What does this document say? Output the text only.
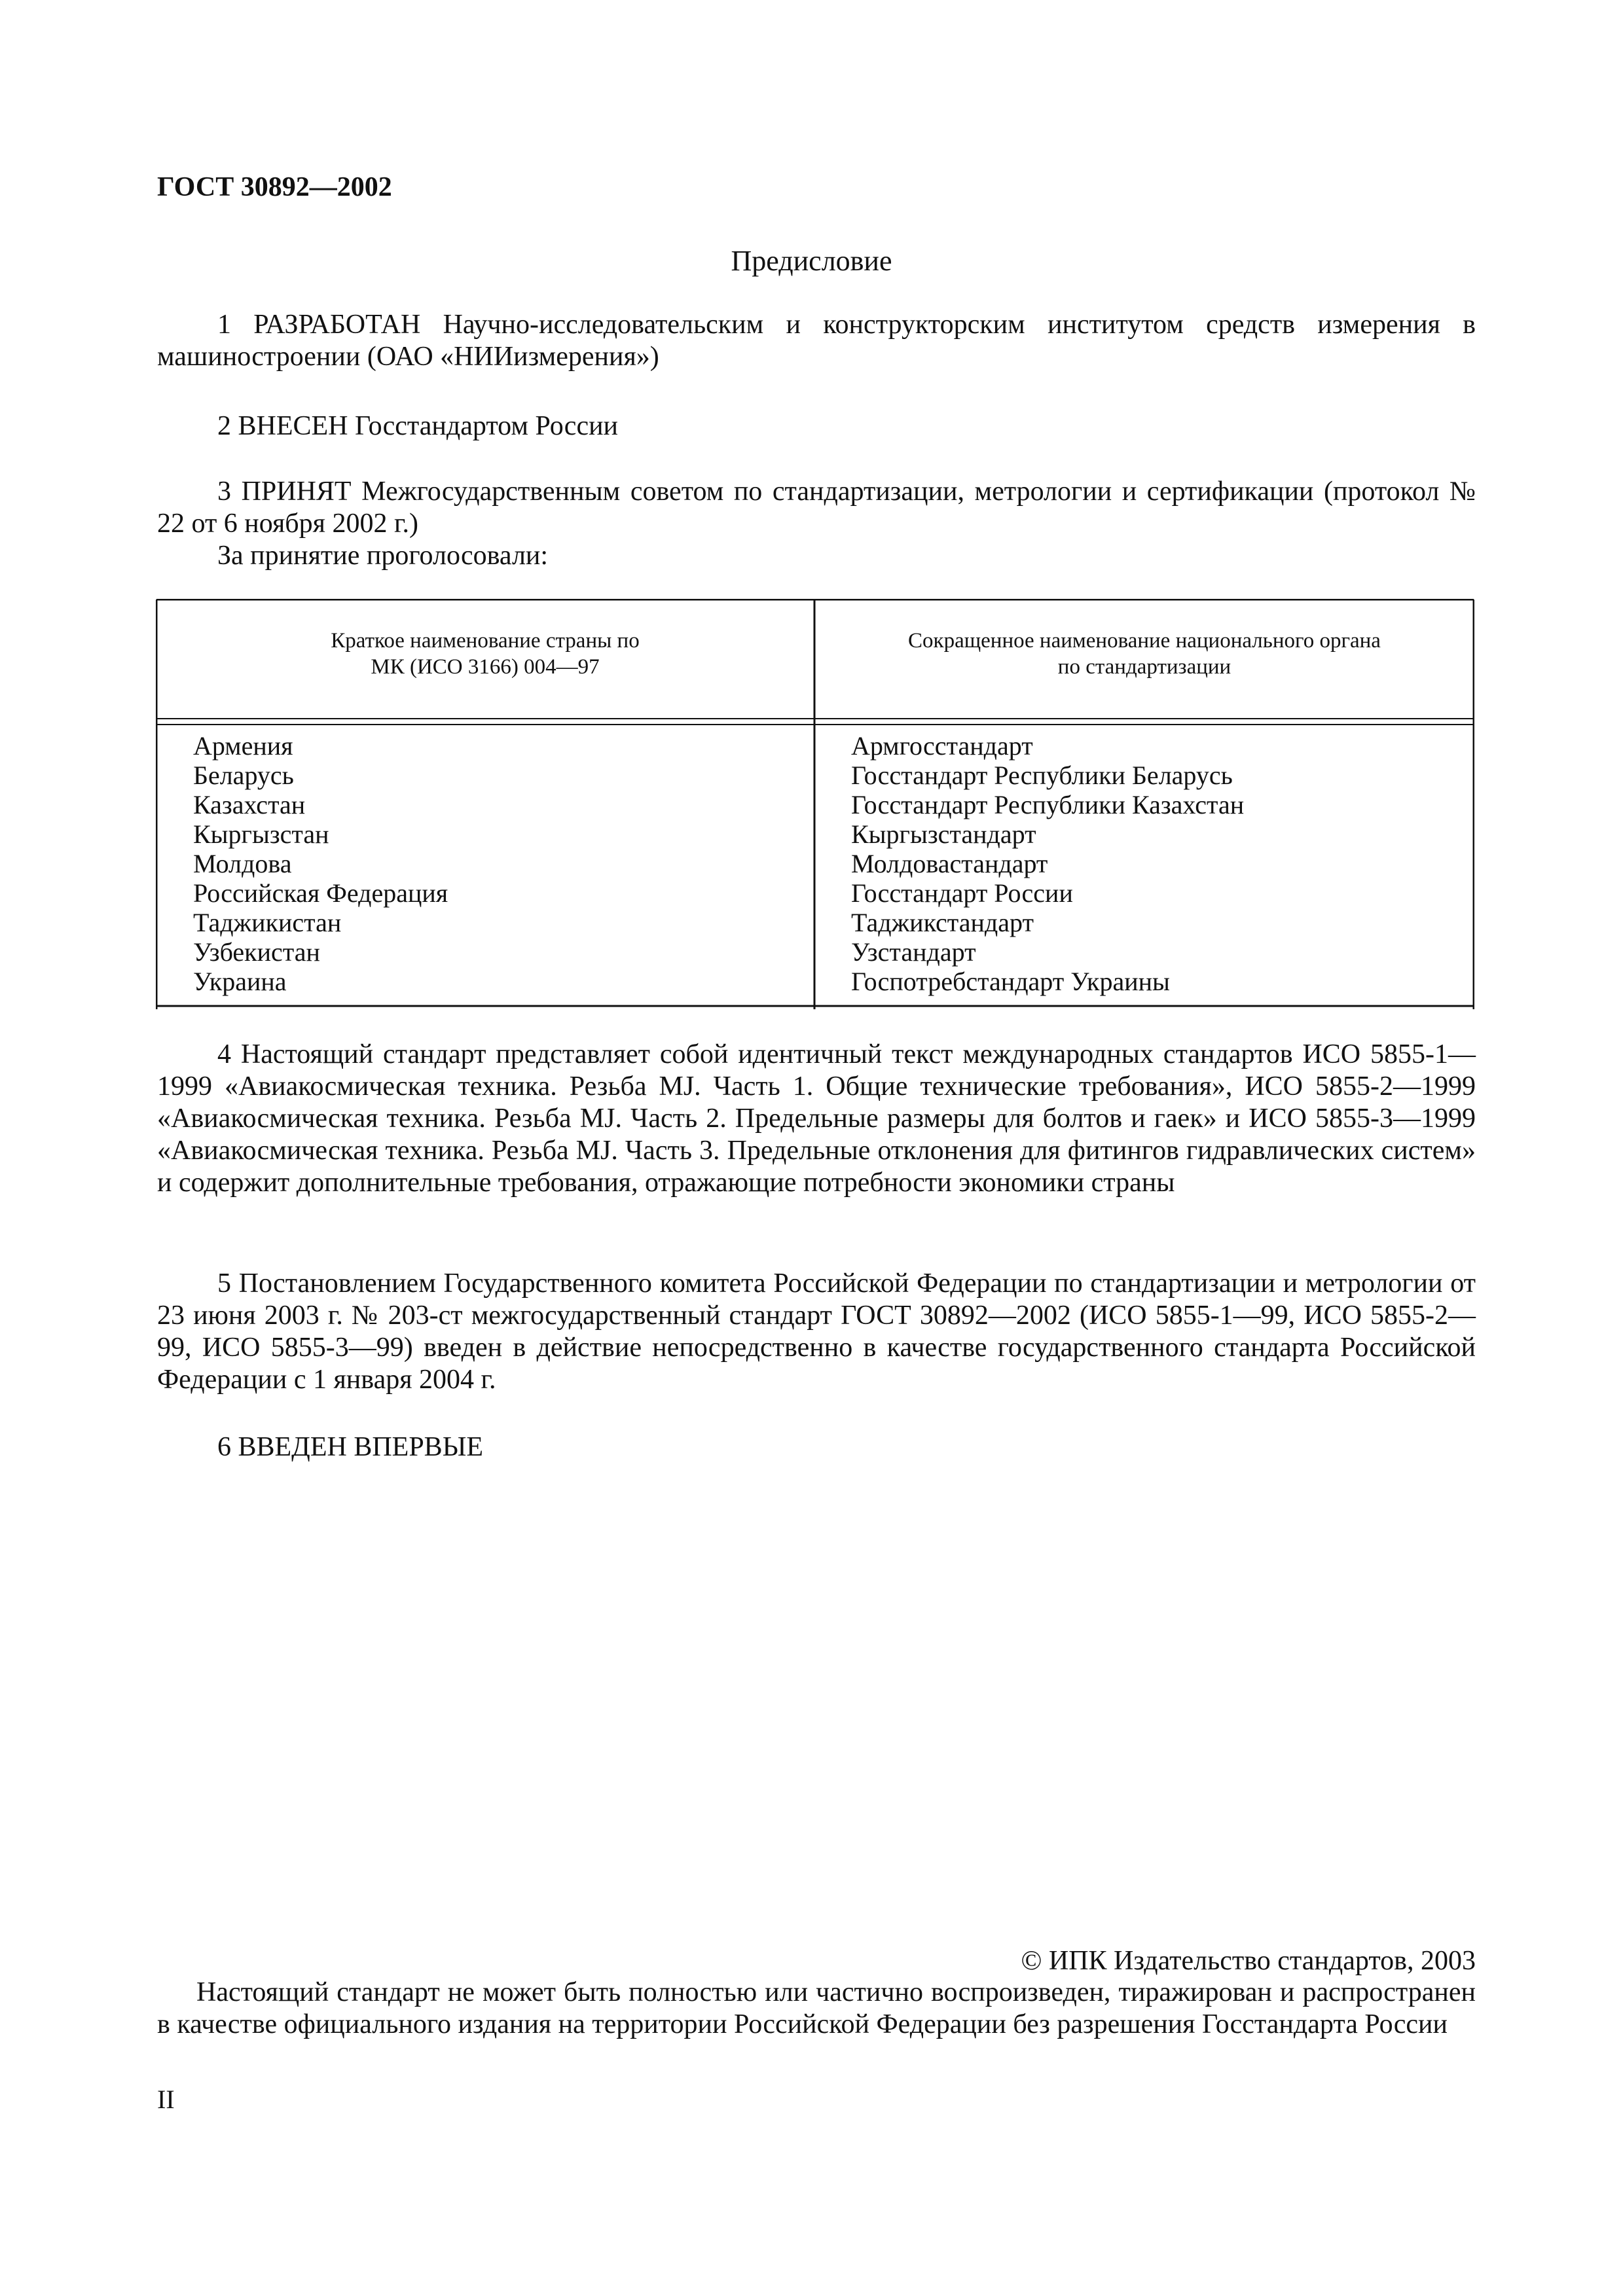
ГОСТ 30892—2002
Предисловие

1 РАЗРАБОТАН Научно-исследовательским и конструкторским институтом средств измерения в машиностроении (ОАО «НИИизмерения»)

2 ВНЕСЕН Госстандартом России

3 ПРИНЯТ Межгосударственным советом по стандартизации, метрологии и сертификации (протокол № 22 от 6 ноября 2002 г.)

За принятие проголосовали:
Краткое наименование страны по
МК (ИСО 3166) 004—97
Сокращенное наименование национального органа
по стандартизации
Армения
Беларусь
Казахстан
Кыргызстан
Молдова
Российская Федерация
Таджикистан
Узбекистан
Украина
Армгосстандарт
Госстандарт Республики Беларусь
Госстандарт Республики Казахстан
Кыргызстандарт
Молдовастандарт
Госстандарт России
Таджикстандарт
Узстандарт
Госпотребстандарт Украины

4 Настоящий стандарт представляет собой идентичный текст международных стандартов ИСО 5855-1—1999 «Авиакосмическая техника. Резьба MJ. Часть 1. Общие технические требования», ИСО 5855-2—1999 «Авиакосмическая техника. Резьба MJ. Часть 2. Предельные размеры для болтов и гаек» и ИСО 5855-3—1999 «Авиакосмическая техника. Резьба MJ. Часть 3. Предельные отклонения для фитингов гидравлических систем» и содержит дополнительные требования, отражающие потребности экономики страны

5 Постановлением Государственного комитета Российской Федерации по стандартизации и метрологии от 23 июня 2003 г. № 203-ст межгосударственный стандарт ГОСТ 30892—2002 (ИСО 5855-1—99, ИСО 5855-2—99, ИСО 5855-3—99) введен в действие непосредственно в качестве государственного стандарта Российской Федерации с 1 января 2004 г.

6 ВВЕДЕН ВПЕРВЫЕ

© ИПК Издательство стандартов, 2003

Настоящий стандарт не может быть полностью или частично воспроизведен, тиражирован и распространен в качестве официального издания на территории Российской Федерации без разрешения Госстандарта России

II
